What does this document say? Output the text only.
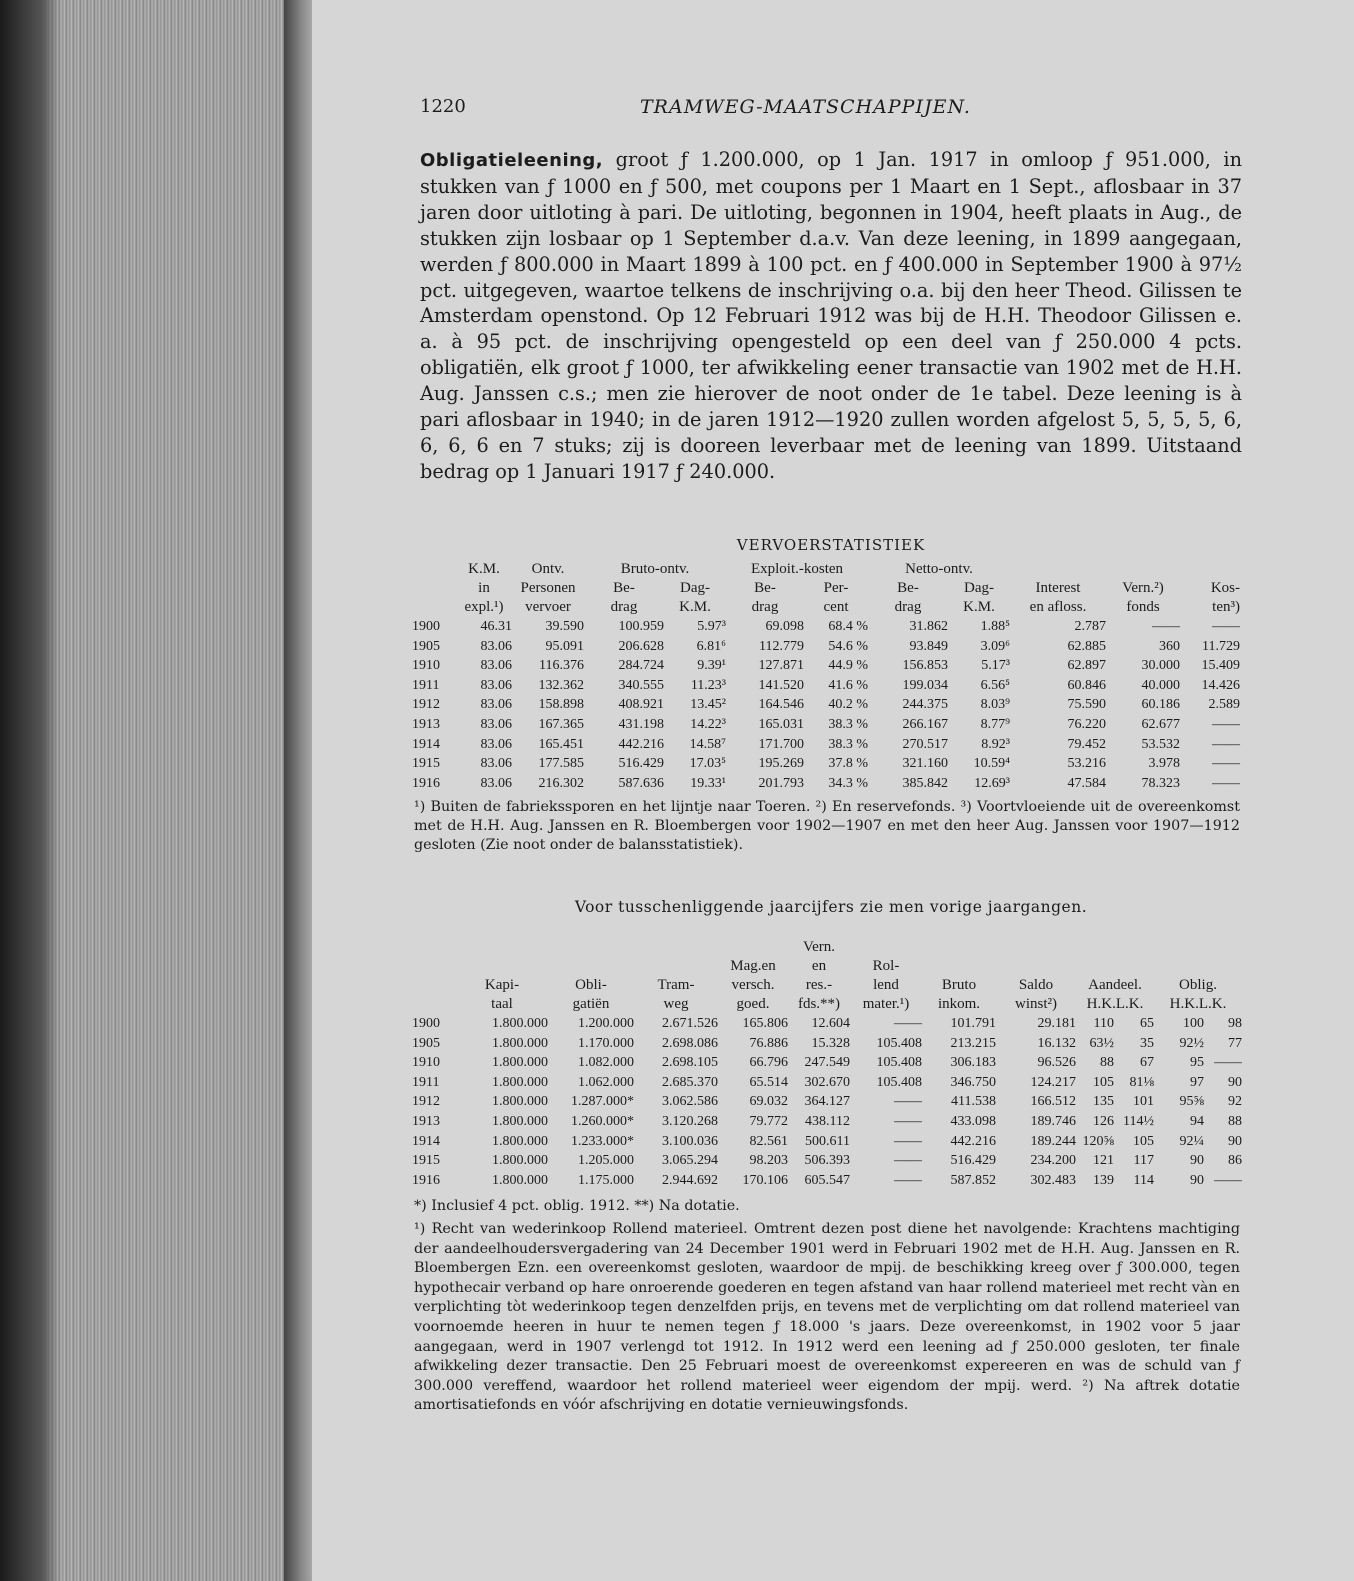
1220	TRAMWEG-MAATSCHAPPIJEN.

Obligatieleening, groot ƒ 1.200.000, op 1 Jan. 1917 in omloop ƒ 951.000, in stukken van ƒ 1000 en ƒ 500, met coupons per 1 Maart en 1 Sept., aflosbaar in 37 jaren door uitloting à pari. De uitloting, begonnen in 1904, heeft plaats in Aug., de stukken zijn losbaar op 1 September d.a.v. Van deze leening, in 1899 aangegaan, werden ƒ 800.000 in Maart 1899 à 100 pct. en ƒ 400.000 in September 1900 à 97½ pct. uitgegeven, waartoe telkens de inschrijving o.a. bij den heer Theod. Gilissen te Amsterdam openstond. Op 12 Februari 1912 was bij de H.H. Theodoor Gilissen e. a. à 95 pct. de inschrijving opengesteld op een deel van ƒ 250.000 4 pcts. obligatiën, elk groot ƒ 1000, ter afwikkeling eener transactie van 1902 met de H.H. Aug. Janssen c.s.; men zie hierover de noot onder de 1e tabel. Deze leening is à pari aflosbaar in 1940; in de jaren 1912—1920 zullen worden afgelost 5, 5, 5, 5, 6, 6, 6, 6 en 7 stuks; zij is dooreen leverbaar met de leening van 1899. Uitstaand bedrag op 1 Januari 1917 ƒ 240.000.

VERVOERSTATISTIEK
	K.M.	Ontv.	Bruto-ontv.		Exploit.-kosten		Netto-ontv.				
	in	Personen	Be-	Dag-	Be-	Per-	Be-	Dag-	Interest	Vern.²)	Kos-
	expl.¹)	vervoer	drag	K.M.	drag	cent	drag	K.M.	en afloss.	fonds	ten³)
1900	46.31	39.590	100.959	5.97³	69.098	68.4 %	31.862	1.88⁵	2.787	——	——
1905	83.06	95.091	206.628	6.81⁶	112.779	54.6 %	93.849	3.09⁶	62.885	360	11.729
1910	83.06	116.376	284.724	9.39¹	127.871	44.9 %	156.853	5.17³	62.897	30.000	15.409
1911	83.06	132.362	340.555	11.23³	141.520	41.6 %	199.034	6.56⁵	60.846	40.000	14.426
1912	83.06	158.898	408.921	13.45²	164.546	40.2 %	244.375	8.03⁹	75.590	60.186	2.589
1913	83.06	167.365	431.198	14.22³	165.031	38.3 %	266.167	8.77⁹	76.220	62.677	——
1914	83.06	165.451	442.216	14.58⁷	171.700	38.3 %	270.517	8.92³	79.452	53.532	——
1915	83.06	177.585	516.429	17.03⁵	195.269	37.8 %	321.160	10.59⁴	53.216	3.978	——
1916	83.06	216.302	587.636	19.33¹	201.793	34.3 %	385.842	12.69³	47.584	78.323	——

¹) Buiten de fabriekssporen en het lijntje naar Toeren. ²) En reservefonds. ³) Voortvloeiende uit de overeenkomst met de H.H. Aug. Janssen en R. Bloembergen voor 1902—1907 en met den heer Aug. Janssen voor 1907—1912 gesloten (Zie noot onder de balansstatistiek).

Voor tusschenliggende jaarcijfers zie men vorige jaargangen.
					Vern.							
				Mag.en	en	Rol-						
	Kapi-	Obli-	Tram-	versch.	res.-	lend	Bruto	Saldo	Aandeel.		Oblig.	
	taal	gatiën	weg	goed.	fds.**)	mater.¹)	inkom.	winst²)	H.K.L.K.		H.K.L.K.	
1900	1.800.000	1.200.000	2.671.526	165.806	12.604	——	101.791	29.181	110	65	100	98
1905	1.800.000	1.170.000	2.698.086	76.886	15.328	105.408	213.215	16.132	63½	35	92½	77
1910	1.800.000	1.082.000	2.698.105	66.796	247.549	105.408	306.183	96.526	88	67	95	——
1911	1.800.000	1.062.000	2.685.370	65.514	302.670	105.408	346.750	124.217	105	81⅛	97	90
1912	1.800.000	1.287.000*	3.062.586	69.032	364.127	——	411.538	166.512	135	101	95⅝	92
1913	1.800.000	1.260.000*	3.120.268	79.772	438.112	——	433.098	189.746	126	114½	94	88
1914	1.800.000	1.233.000*	3.100.036	82.561	500.611	——	442.216	189.244	120⅝	105	92¼	90
1915	1.800.000	1.205.000	3.065.294	98.203	506.393	——	516.429	234.200	121	117	90	86
1916	1.800.000	1.175.000	2.944.692	170.106	605.547	——	587.852	302.483	139	114	90	——

*) Inclusief 4 pct. oblig. 1912. **) Na dotatie.

¹) Recht van wederinkoop Rollend materieel. Omtrent dezen post diene het navolgende: Krachtens machtiging der aandeelhoudersvergadering van 24 December 1901 werd in Februari 1902 met de H.H. Aug. Janssen en R. Bloembergen Ezn. een overeenkomst gesloten, waardoor de mpij. de beschikking kreeg over ƒ 300.000, tegen hypothecair verband op hare onroerende goederen en tegen afstand van haar rollend materieel met recht vàn en verplichting tòt wederinkoop tegen denzelfden prijs, en tevens met de verplichting om dat rollend materieel van voornoemde heeren in huur te nemen tegen ƒ 18.000 's jaars. Deze overeenkomst, in 1902 voor 5 jaar aangegaan, werd in 1907 verlengd tot 1912. In 1912 werd een leening ad ƒ 250.000 gesloten, ter finale afwikkeling dezer transactie. Den 25 Februari moest de overeenkomst expereeren en was de schuld van ƒ 300.000 vereffend, waardoor het rollend materieel weer eigendom der mpij. werd. ²) Na aftrek dotatie amortisatiefonds en vóór afschrijving en dotatie vernieuwingsfonds.
